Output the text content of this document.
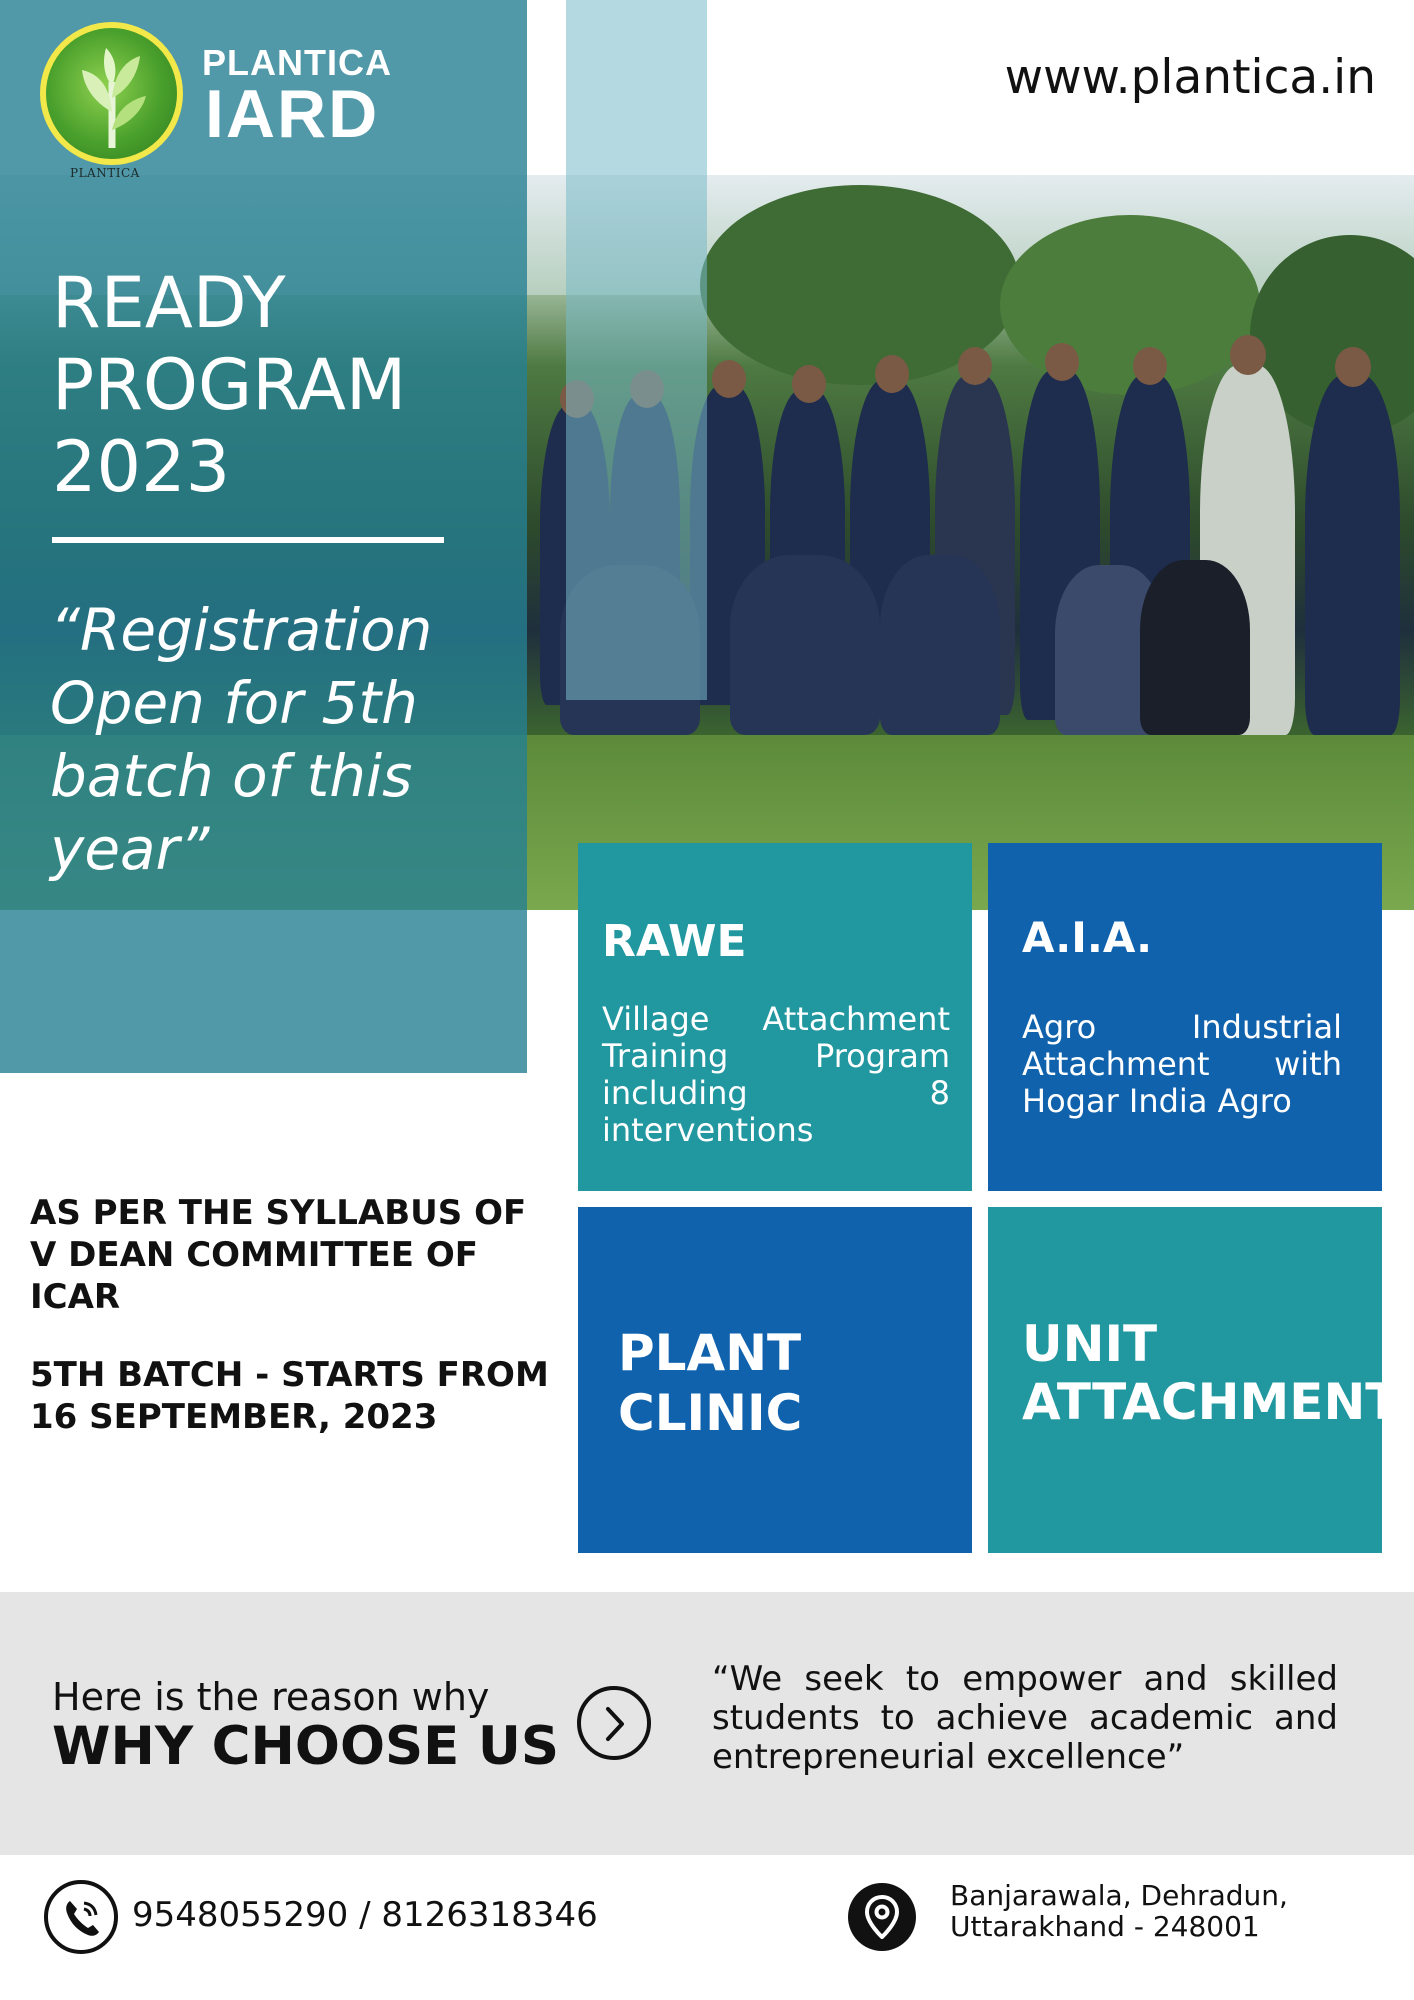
PLANTICA
PLANTICA
IARD	www.plantica.in
READY
PROGRAM
2023
“Registration Open for 5th batch of this year”
RAWE
Village Attachment Training Program including 8 interventions
A.I.A.
Agro Industrial Attachment with Hogar India Agro
PLANT CLINIC
UNIT ATTACHMENT
AS PER THE SYLLABUS OF V DEAN COMMITTEE OF ICAR
5TH BATCH - STARTS FROM 16 SEPTEMBER, 2023
Here is the reason why
WHY CHOOSE US
“We seek to empower and skilled students to achieve academic and entrepreneurial excellence”
9548055290 / 8126318346	Banjarawala, Dehradun,
Uttarakhand - 248001
